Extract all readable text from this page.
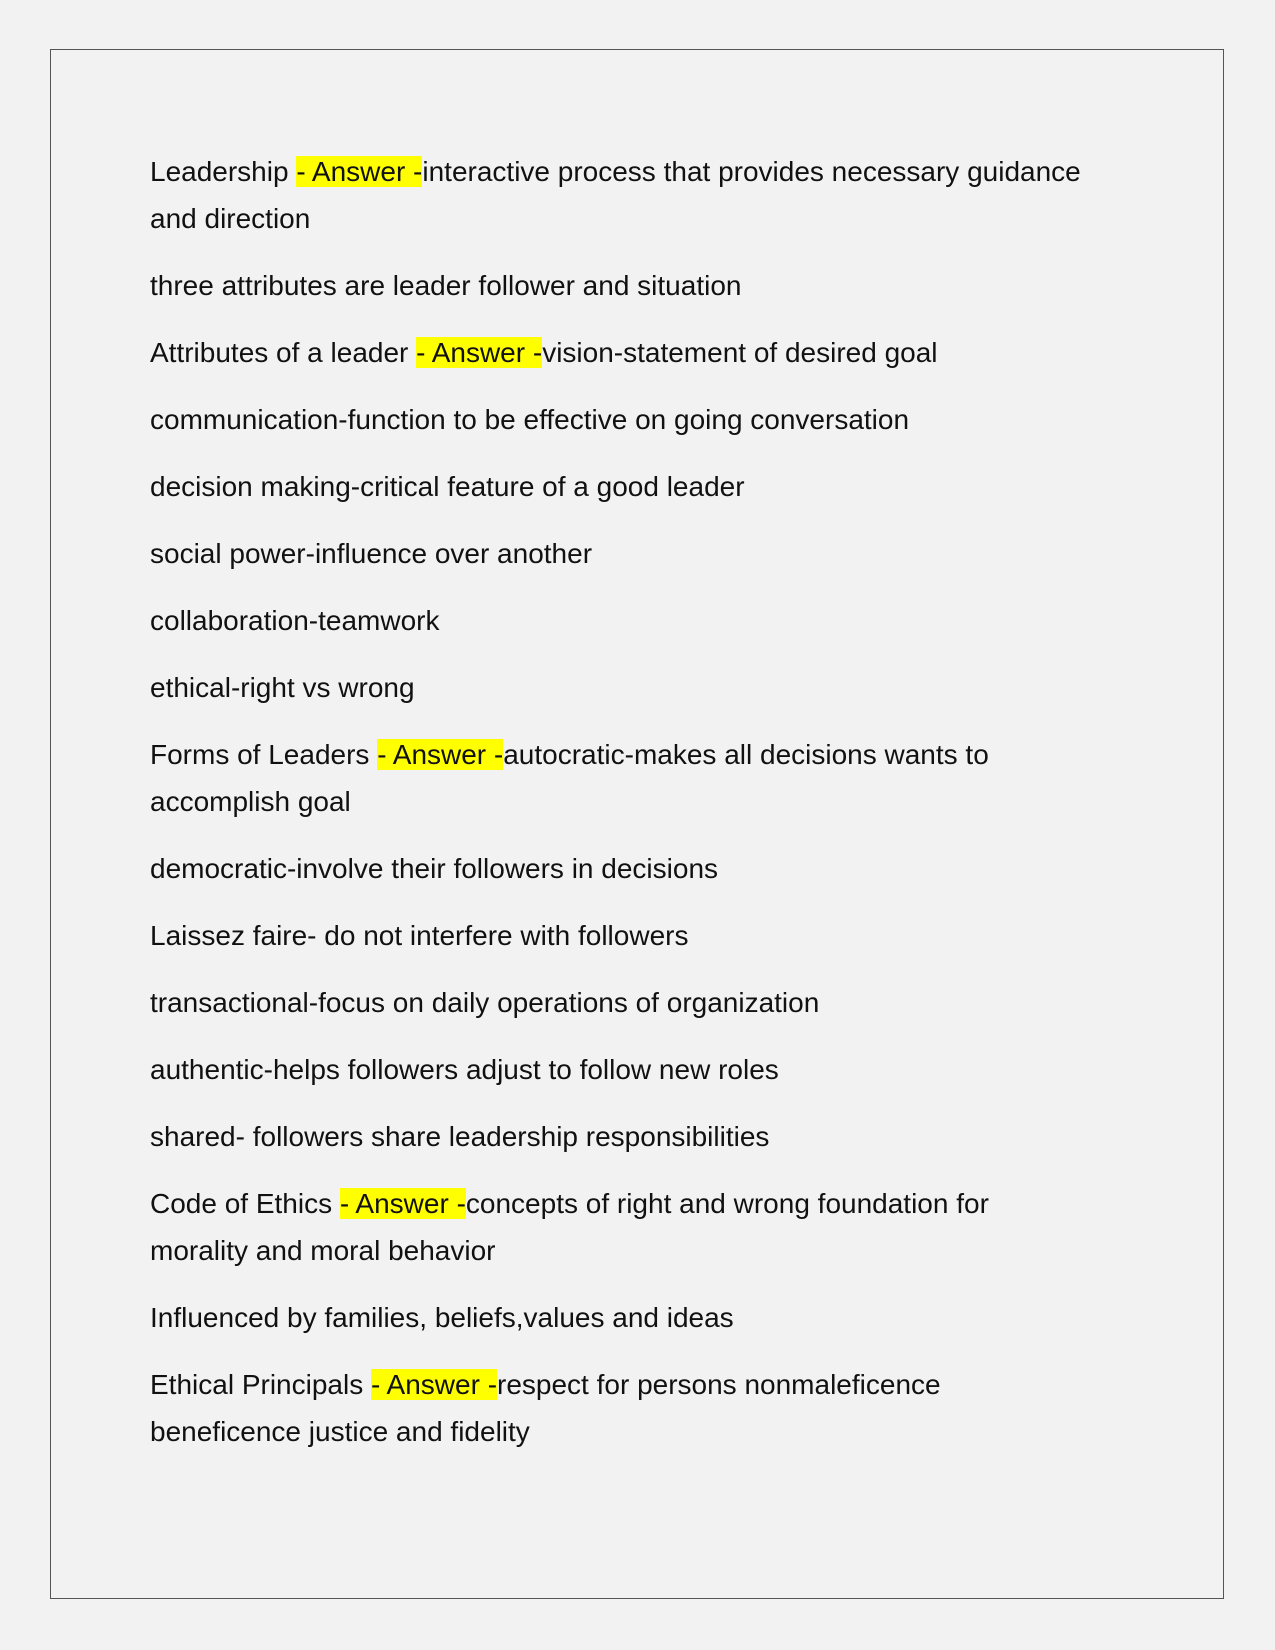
Leadership - Answer -interactive process that provides necessary guidance and direction

three attributes are leader follower and situation

Attributes of a leader - Answer -vision-statement of desired goal

communication-function to be effective on going conversation

decision making-critical feature of a good leader

social power-influence over another

collaboration-teamwork

ethical-right vs wrong

Forms of Leaders - Answer -autocratic-makes all decisions wants to accomplish goal

democratic-involve their followers in decisions

Laissez faire- do not interfere with followers

transactional-focus on daily operations of organization

authentic-helps followers adjust to follow new roles

shared- followers share leadership responsibilities

Code of Ethics - Answer -concepts of right and wrong foundation for morality and moral behavior

Influenced by families, beliefs,values and ideas

Ethical Principals - Answer -respect for persons nonmaleficence beneficence justice and fidelity
